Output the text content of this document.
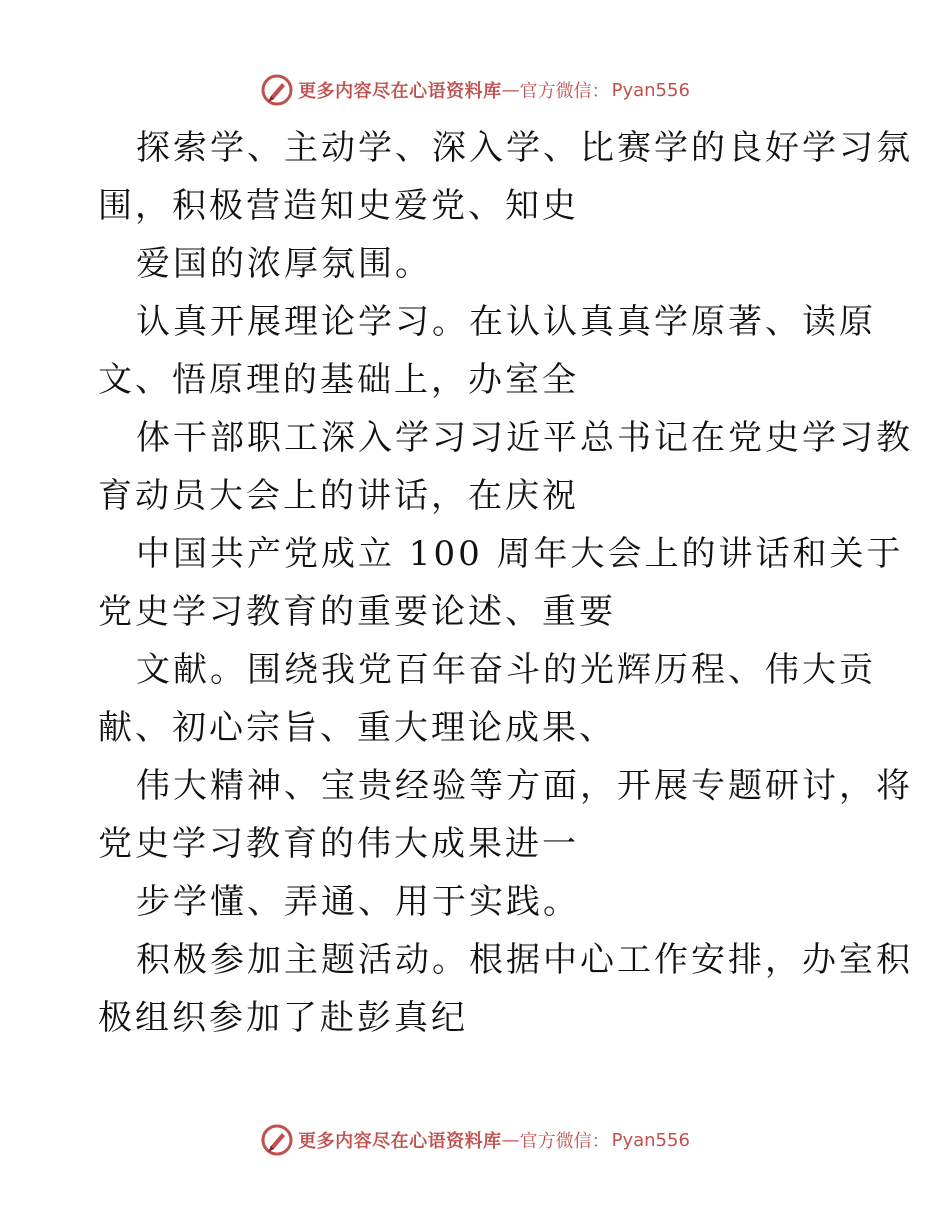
更多内容尽在心语资料库 — 官方微信： Pyan556
探索学、主动学、深入学、比赛学的良好学习氛
围，积极营造知史爱党、知史
爱国的浓厚氛围。
认真开展理论学习。在认认真真学原著、读原
文、悟原理的基础上，办室全
体干部职工深入学习习近平总书记在党史学习教
育动员大会上的讲话，在庆祝
中国共产党成立 100 周年大会上的讲话和关于
党史学习教育的重要论述、重要
文献。围绕我党百年奋斗的光辉历程、伟大贡
献、初心宗旨、重大理论成果、
伟大精神、宝贵经验等方面，开展专题研讨，将
党史学习教育的伟大成果进一
步学懂、弄通、用于实践。
积极参加主题活动。根据中心工作安排，办室积
极组织参加了赴彭真纪
更多内容尽在心语资料库 — 官方微信： Pyan556
